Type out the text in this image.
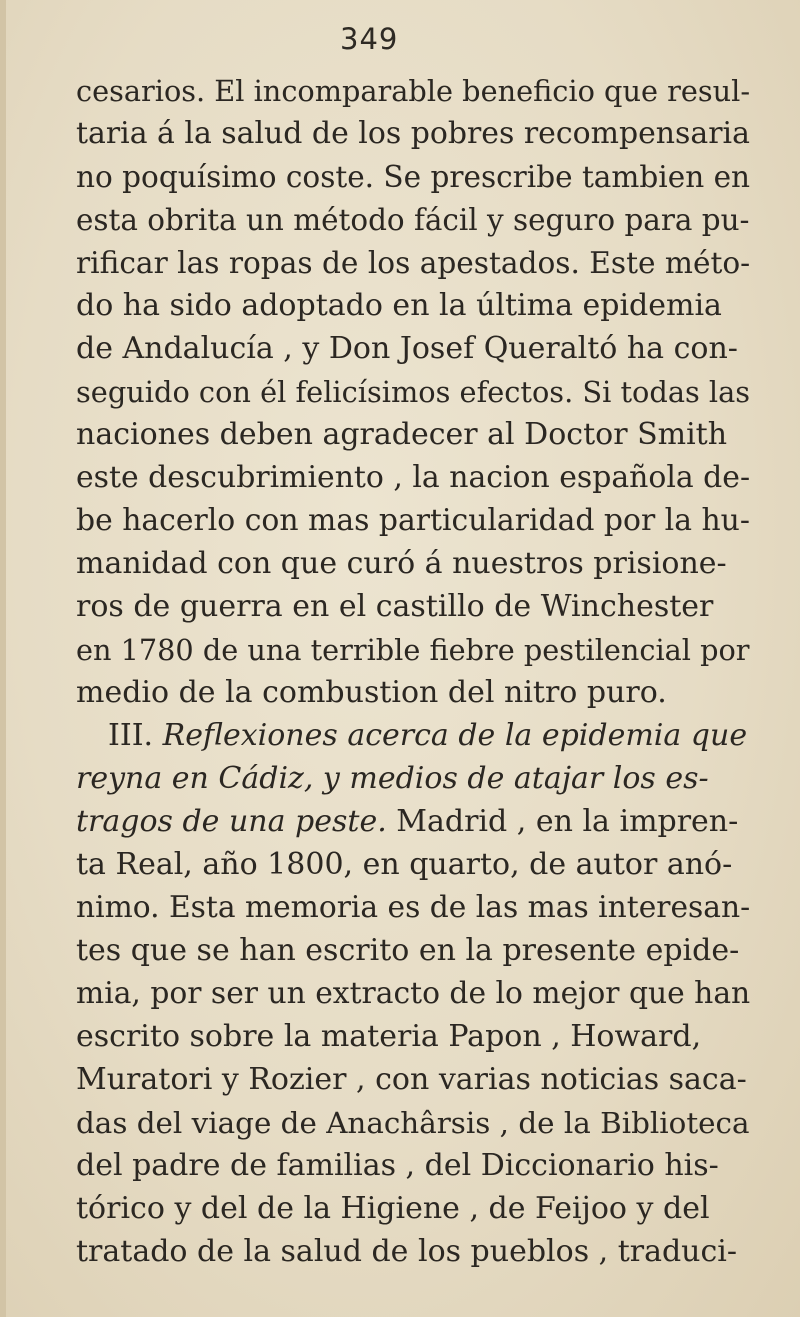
349
cesarios. El incomparable beneficio que resul-
taria á la salud de los pobres recompensaria
no poquísimo coste. Se prescribe tambien en
esta obrita un método fácil y seguro para pu-
rificar las ropas de los apestados. Este méto-
do ha sido adoptado en la última epidemia
de Andalucía , y Don Josef Queraltó ha con-
seguido con él felicísimos efectos. Si todas las
naciones deben agradecer al Doctor Smith
este descubrimiento , la nacion española de-
be hacerlo con mas particularidad por la hu-
manidad con que curó á nuestros prisione-
ros de guerra en el castillo de Winchester
en 1780 de una terrible fiebre pestilencial por
medio de la combustion del nitro puro.
III. Reflexiones acerca de la epidemia que
reyna en Cádiz, y medios de atajar los es-
tragos de una peste. Madrid , en la impren-
ta Real, año 1800, en quarto, de autor anó-
nimo. Esta memoria es de las mas interesan-
tes que se han escrito en la presente epide-
mia, por ser un extracto de lo mejor que han
escrito sobre la materia Papon , Howard,
Muratori y Rozier , con varias noticias saca-
das del viage de Anachârsis , de la Biblioteca
del padre de familias , del Diccionario his-
tórico y del de la Higiene , de Feijoo y del
tratado de la salud de los pueblos , traduci-
